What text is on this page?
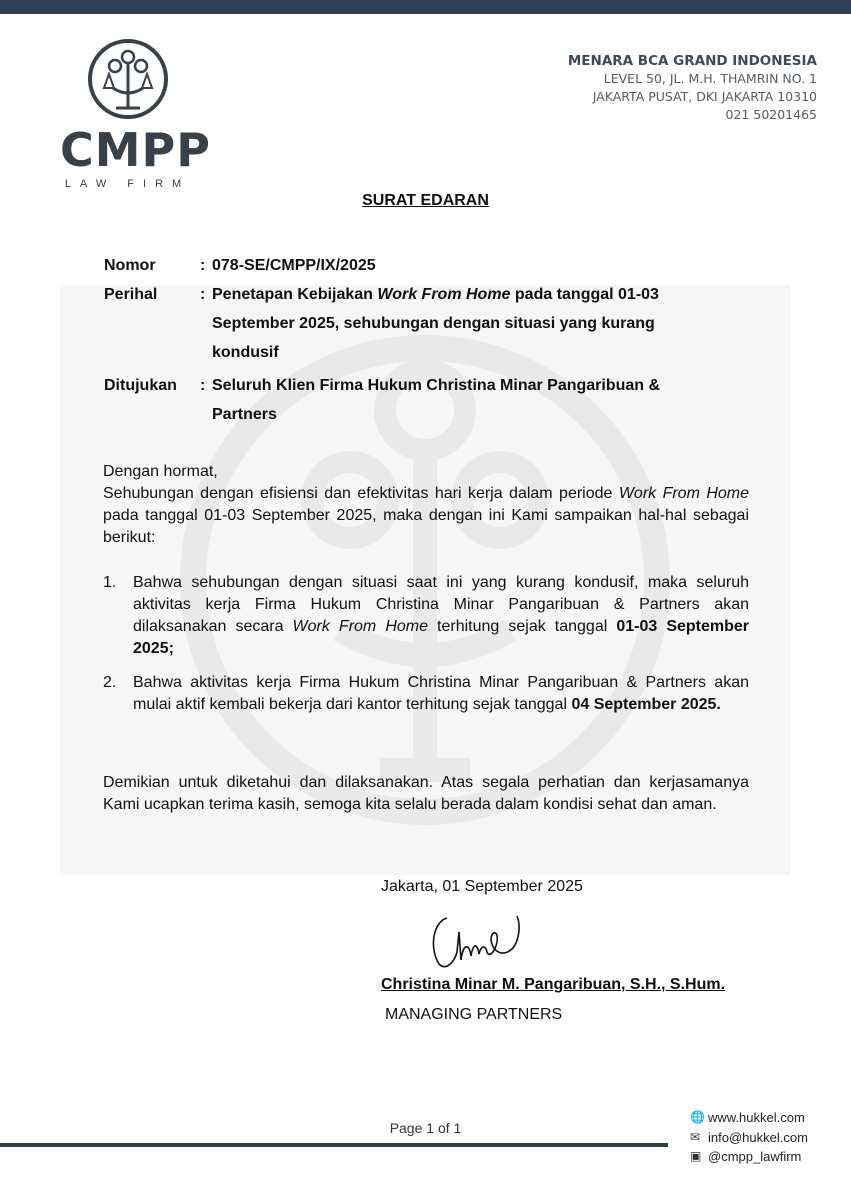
CMPP
LAW FIRM
MENARA BCA GRAND INDONESIA
LEVEL 50, JL. M.H. THAMRIN NO. 1
JAKARTA PUSAT, DKI JAKARTA 10310
021 50201465
SURAT EDARAN
Nomor	: 078-SE/CMPP/IX/2025
Perihal	: Penetapan Kebijakan Work From Home pada tanggal 01-03 September 2025, sehubungan dengan situasi yang kurang kondusif
Ditujukan	: Seluruh Klien Firma Hukum Christina Minar Pangaribuan & Partners
Dengan hormat,
Sehubungan dengan efisiensi dan efektivitas hari kerja dalam periode Work From Home pada tanggal 01-03 September 2025, maka dengan ini Kami sampaikan hal-hal sebagai berikut:
1.	Bahwa sehubungan dengan situasi saat ini yang kurang kondusif, maka seluruh aktivitas kerja Firma Hukum Christina Minar Pangaribuan & Partners akan dilaksanakan secara Work From Home terhitung sejak tanggal 01-03 September 2025;
2.	Bahwa aktivitas kerja Firma Hukum Christina Minar Pangaribuan & Partners akan mulai aktif kembali bekerja dari kantor terhitung sejak tanggal 04 September 2025.
Demikian untuk diketahui dan dilaksanakan. Atas segala perhatian dan kerjasamanya Kami ucapkan terima kasih, semoga kita selalu berada dalam kondisi sehat dan aman.
Jakarta, 01 September 2025
Christina Minar M. Pangaribuan, S.H., S.Hum.
MANAGING PARTNERS
Page 1 of 1
🌐 www.hukkel.com
✉ info@hukkel.com
▣ @cmpp_lawfirm
